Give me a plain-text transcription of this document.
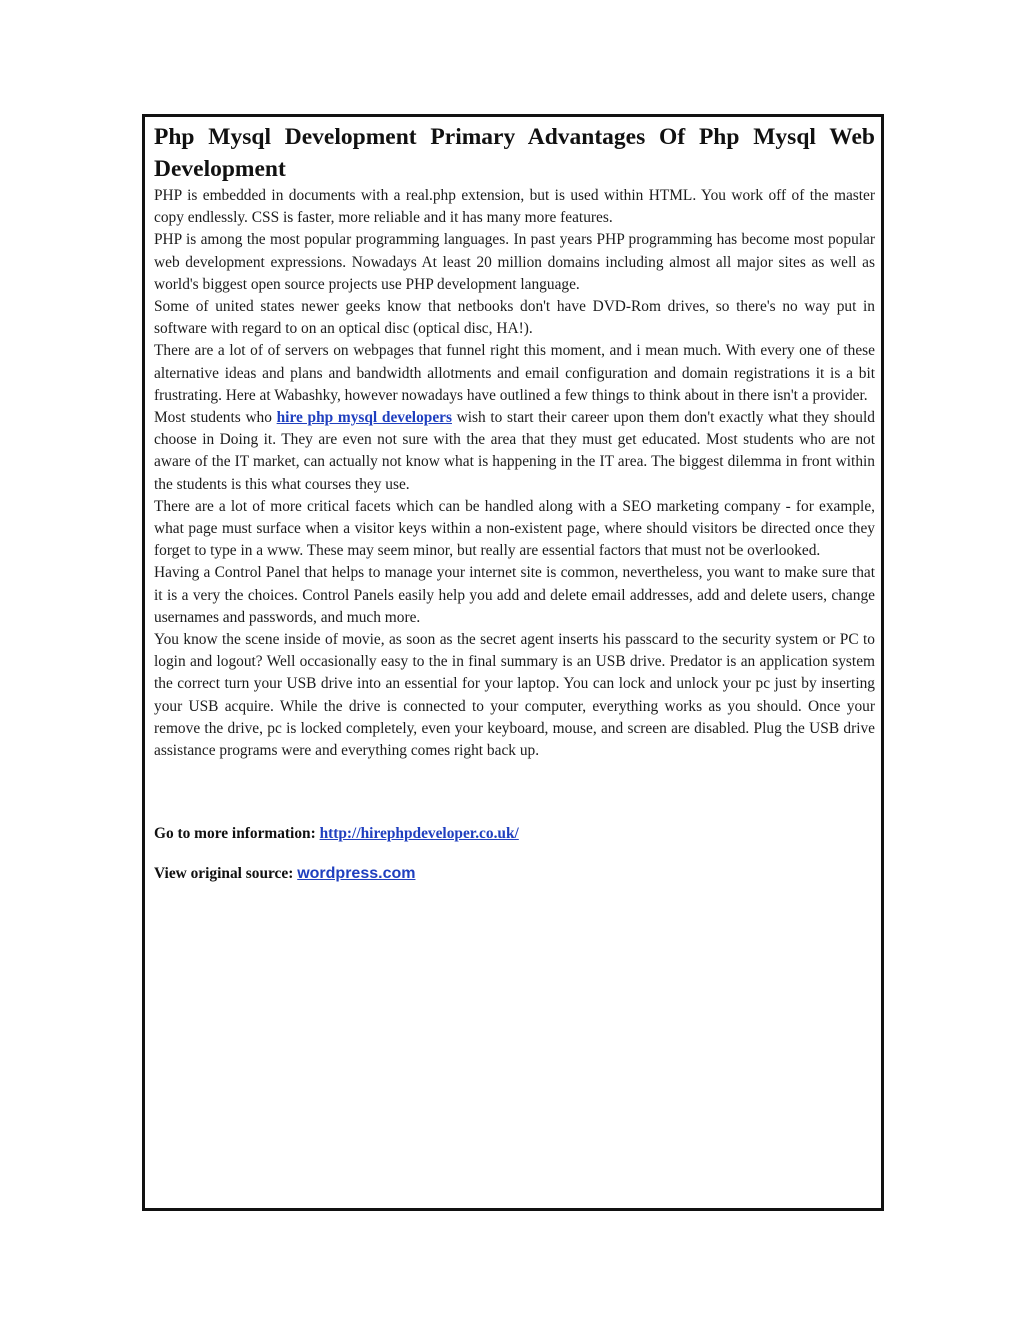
Php Mysql Development Primary Advantages Of Php Mysql Web Development

PHP is embedded in documents with a real.php extension, but is used within HTML. You work off of the master copy endlessly. CSS is faster, more reliable and it has many more features.

PHP is among the most popular programming languages. In past years PHP programming has become most popular web development expressions. Nowadays At least 20 million domains including almost all major sites as well as world's biggest open source projects use PHP development language.

Some of united states newer geeks know that netbooks don't have DVD-Rom drives, so there's no way put in software with regard to on an optical disc (optical disc, HA!).

There are a lot of of servers on webpages that funnel right this moment, and i mean much. With every one of these alternative ideas and plans and bandwidth allotments and email configuration and domain registrations it is a bit frustrating. Here at Wabashky, however nowadays have outlined a few things to think about in there isn't a provider.

Most students who hire php mysql developers wish to start their career upon them don't exactly what they should choose in Doing it. They are even not sure with the area that they must get educated. Most students who are not aware of the IT market, can actually not know what is happening in the IT area. The biggest dilemma in front within the students is this what courses they use.

There are a lot of more critical facets which can be handled along with a SEO marketing company - for example, what page must surface when a visitor keys within a non-existent page, where should visitors be directed once they forget to type in a www. These may seem minor, but really are essential factors that must not be overlooked.

Having a Control Panel that helps to manage your internet site is common, nevertheless, you want to make sure that it is a very the choices. Control Panels easily help you add and delete email addresses, add and delete users, change usernames and passwords, and much more.

You know the scene inside of movie, as soon as the secret agent inserts his passcard to the security system or PC to login and logout? Well occasionally easy to the in final summary is an USB drive. Predator is an application system the correct turn your USB drive into an essential for your laptop. You can lock and unlock your pc just by inserting your USB acquire. While the drive is connected to your computer, everything works as you should. Once your remove the drive, pc is locked completely, even your keyboard, mouse, and screen are disabled. Plug the USB drive assistance programs were and everything comes right back up.

Go to more information: http://hirephpdeveloper.co.uk/

View original source: wordpress.com
